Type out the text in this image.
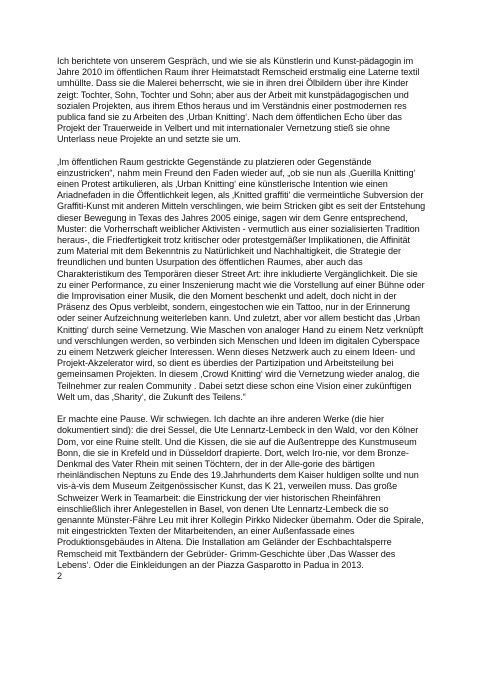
Ich berichtete von unserem Gespräch, und wie sie als Künstlerin und Kunst-pädagogin im Jahre 2010 im öffentlichen Raum ihrer Heimatstadt Remscheid erstmalig eine Laterne textil umhüllte. Dass sie die Malerei beherrscht, wie sie in ihren drei Ölbildern über ihre Kinder zeigt: Tochter, Sohn, Tochter und Sohn; aber aus der Arbeit mit kunstpädagogischen und sozialen Projekten, aus ihrem Ethos heraus und im Verständnis einer postmodernen res publica fand sie zu Arbeiten des ‚Urban Knitting‘. Nach dem öffentlichen Echo über das Projekt der Trauerweide in Velbert und mit internationaler Vernetzung stieß sie ohne Unterlass neue Projekte an und setzte sie um.

‚Im öffentlichen Raum gestrickte Gegenstände zu platzieren oder Gegenstände einzustricken“, nahm mein Freund den Faden wieder auf, „ob sie nun als ‚Guerilla Knitting‘ einen Protest artikulieren, als ‚Urban Knitting‘ eine künstlerische Intention wie einen Ariadnefaden in die Öffentlichkeit legen, als ‚Knitted graffiti‘ die vermeintliche Subversion der Graffiti-Kunst mit anderen Mitteln verschlingen, wie beim Stricken gibt es seit der Entstehung dieser Bewegung in Texas des Jahres 2005 einige, sagen wir dem Genre entsprechend, Muster: die Vorherrschaft weiblicher Aktivisten - vermutlich aus einer sozialisierten Tradition heraus-, die Friedfertigkeit trotz kritischer oder protestgemäßer Implikationen, die Affinität zum Material mit dem Bekenntnis zu Natürlichkeit und Nachhaltigkeit, die Strategie der freundlichen und bunten Usurpation des öffentlichen Raumes, aber auch das Charakteristikum des Temporären dieser Street Art: ihre inkludierte Vergänglichkeit. Die sie zu einer Performance, zu einer Inszenierung macht wie die Vorstellung auf einer Bühne oder die Improvisation einer Musik, die den Moment beschenkt und adelt, doch nicht in der Präsenz des Opus verbleibt, sondern, eingestochen wie ein Tattoo, nur in der Erinnerung oder seiner Aufzeichnung weiterleben kann. Und zuletzt, aber vor allem besticht das ‚Urban Knitting‘ durch seine Vernetzung. Wie Maschen von analoger Hand zu einem Netz verknüpft und verschlungen werden, so verbinden sich Menschen und Ideen im digitalen Cyberspace zu einem Netzwerk gleicher Interessen. Wenn dieses Netzwerk auch zu einem Ideen- und Projekt-Akzelerator wird, so dient es überdies der Partizipation und Arbeitsteilung bei gemeinsamen Projekten. In diesem ‚Crowd Knitting‘ wird die Vernetzung wieder analog, die Teilnehmer zur realen Community . Dabei setzt diese schon eine Vision einer zukünftigen Welt um, das ‚Sharity‘, die Zukunft des Teilens.“

Er machte eine Pause. Wir schwiegen. Ich dachte an ihre anderen Werke (die hier dokumentiert sind): die drei Sessel, die Ute Lennartz-Lembeck in den Wald, vor den Kölner Dom, vor eine Ruine stellt. Und die Kissen, die sie auf die Außentreppe des Kunstmuseum Bonn, die sie in Krefeld und in Düsseldorf drapierte. Dort, welch Iro-nie, vor dem Bronze-Denkmal des Vater Rhein mit seinen Töchtern, der in der Alle-gorie des bärtigen rheinländischen Neptuns zu Ende des 19.Jahrhunderts dem Kaiser huldigen sollte und nun vis-à-vis dem Museum Zeitgenössischer Kunst, das K 21, verweilen muss. Das große Schweizer Werk in Teamarbeit: die Einstrickung der vier historischen Rheinfähren einschließlich ihrer Anlegestellen in Basel, von denen Ute Lennartz-Lembeck die so genannte Münster-Fähre Leu mit ihrer Kollegin Pirkko Nidecker übernahm. Oder die Spirale, mit eingestrickten Texten der Mitarbeitenden, an einer Außenfassade eines Produktionsgebäudes in Altena. Die Installation am Geländer der Eschbachtalsperre Remscheid mit Textbändern der Gebrüder- Grimm-Geschichte über ‚Das Wasser des Lebens‘. Oder die Einkleidungen an der Piazza Gasparotto in Padua in 2013.

2
